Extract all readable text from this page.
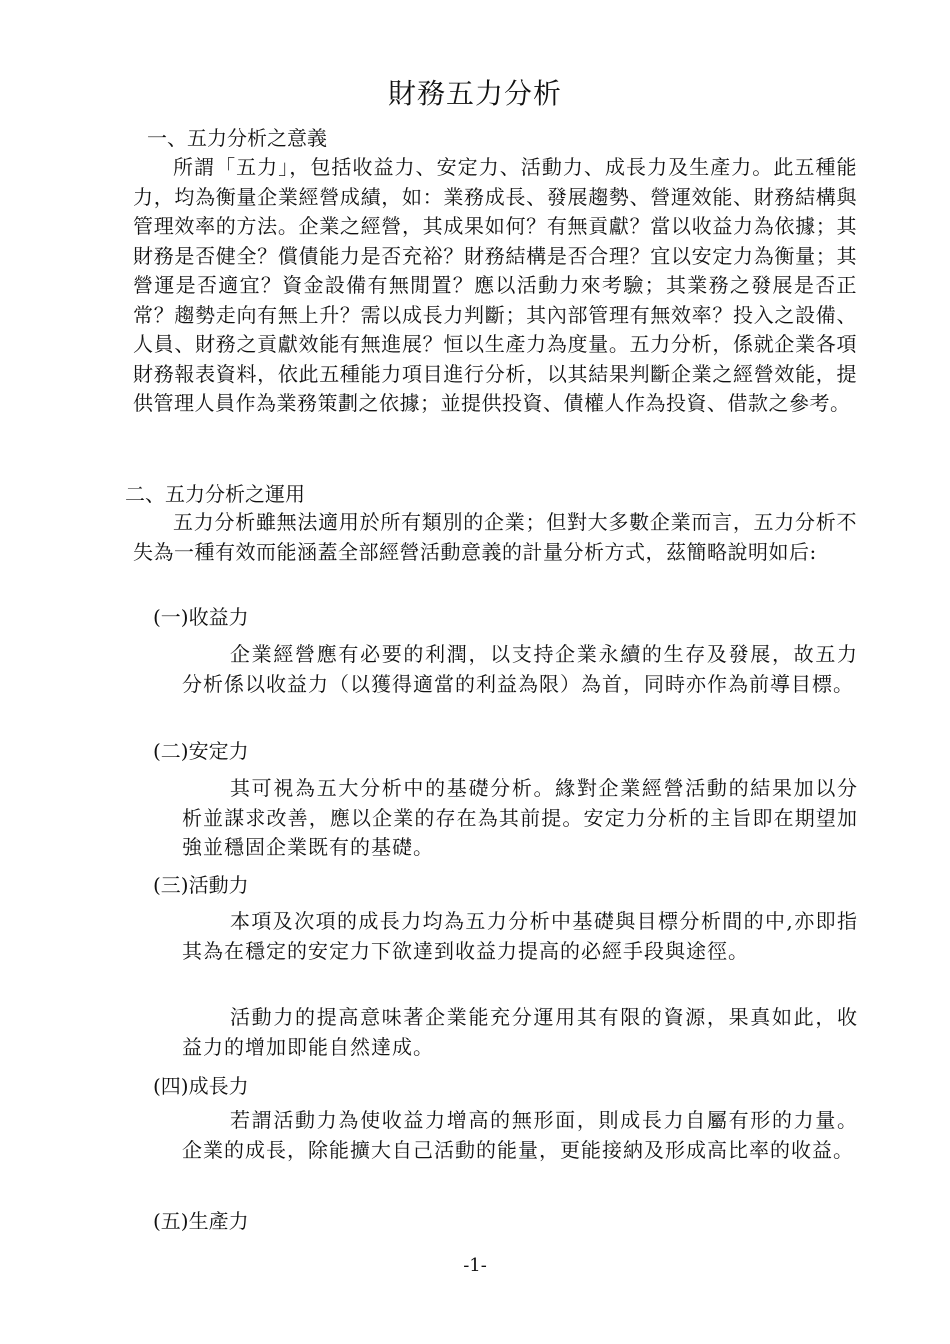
財務五力分析
一、五力分析之意義
所謂「五力」，包括收益力、安定力、活動力、成長力及生產力。此五種能力，均為衡量企業經營成績，如：業務成長、發展趨勢、營運效能、財務結構與管理效率的方法。企業之經營，其成果如何？有無貢獻？當以收益力為依據；其財務是否健全？償債能力是否充裕？財務結構是否合理？宜以安定力為衡量；其營運是否適宜？資金設備有無閒置？應以活動力來考驗；其業務之發展是否正常？趨勢走向有無上升？需以成長力判斷；其內部管理有無效率？投入之設備、人員、財務之貢獻效能有無進展？恒以生產力為度量。五力分析，係就企業各項財務報表資料，依此五種能力項目進行分析，以其結果判斷企業之經營效能，提供管理人員作為業務策劃之依據；並提供投資、債權人作為投資、借款之參考。
二、五力分析之運用
五力分析雖無法適用於所有類別的企業；但對大多數企業而言，五力分析不失為一種有效而能涵蓋全部經營活動意義的計量分析方式，茲簡略說明如后:
(一)收益力
企業經營應有必要的利潤，以支持企業永續的生存及發展，故五力分析係以收益力（以獲得適當的利益為限）為首，同時亦作為前導目標。
(二)安定力
其可視為五大分析中的基礎分析。緣對企業經營活動的結果加以分析並謀求改善，應以企業的存在為其前提。安定力分析的主旨即在期望加強並穩固企業既有的基礎。
(三)活動力
本項及次項的成長力均為五力分析中基礎與目標分析間的中,亦即指其為在穩定的安定力下欲達到收益力提高的必經手段與途徑。
活動力的提高意味著企業能充分運用其有限的資源，果真如此，收益力的增加即能自然達成。
(四)成長力
若謂活動力為使收益力增高的無形面，則成長力自屬有形的力量。企業的成長，除能擴大自己活動的能量，更能接納及形成高比率的收益。
(五)生產力
-1-
